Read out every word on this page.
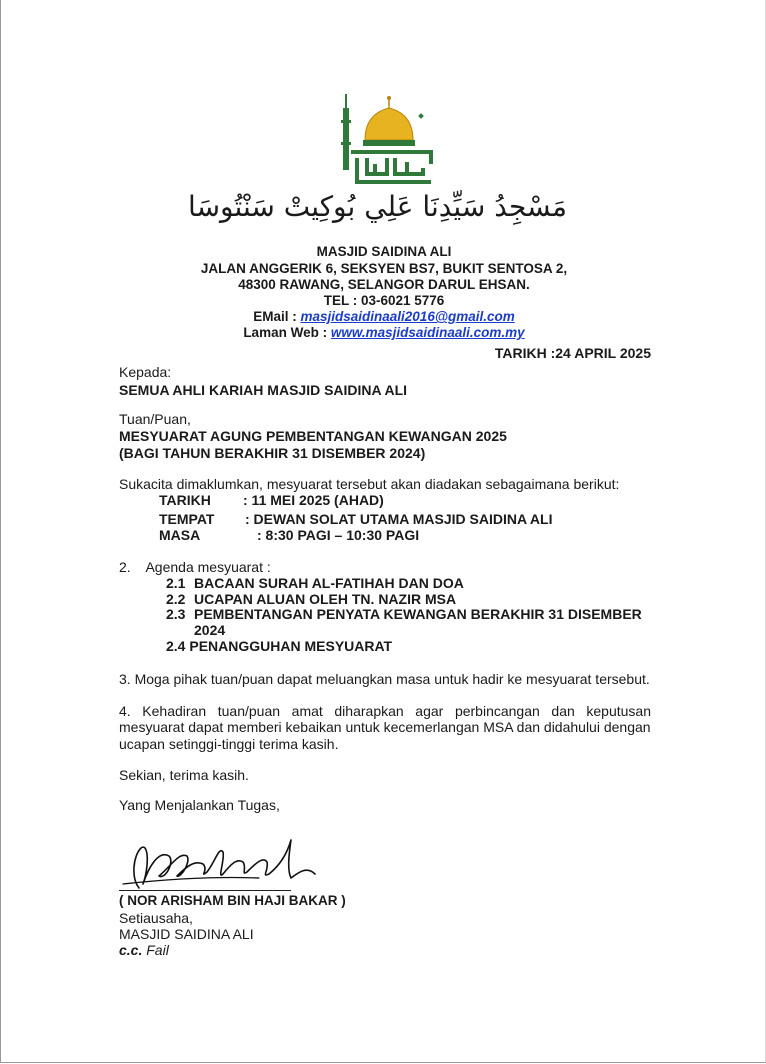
مَسْجِدُ سَيِّدِنَا عَلِي بُوكِيتْ سَنْتُوسَا
MASJID SAIDINA ALI
JALAN ANGGERIK 6, SEKSYEN BS7, BUKIT SENTOSA 2,
48300 RAWANG, SELANGOR DARUL EHSAN.
TEL : 03-6021 5776
EMail : masjidsaidinaali2016@gmail.com
Laman Web : www.masjidsaidinaali.com.my
TARIKH :24 APRIL 2025
Kepada:
SEMUA AHLI KARIAH MASJID SAIDINA ALI
Tuan/Puan,
MESYUARAT AGUNG PEMBENTANGAN KEWANGAN 2025
(BAGI TAHUN BERAKHIR 31 DISEMBER 2024)
Sukacita dimaklumkan, mesyuarat tersebut akan diadakan sebagaimana berikut:
TARIKH : 11 MEI 2025 (AHAD)
TEMPAT : DEWAN SOLAT UTAMA MASJID SAIDINA ALI
MASA	: 8:30 PAGI – 10:30 PAGI
2.    Agenda mesyuarat :
2.1 BACAAN SURAH AL-FATIHAH DAN DOA
2.2 UCAPAN ALUAN OLEH TN. NAZIR MSA
2.3 PEMBENTANGAN PENYATA KEWANGAN BERAKHIR 31 DISEMBER
2024
2.4 PENANGGUHAN MESYUARAT
3. Moga pihak tuan/puan dapat meluangkan masa untuk hadir ke mesyuarat tersebut.
4. Kehadiran tuan/puan amat diharapkan agar perbincangan dan keputusan
mesyuarat dapat memberi kebaikan untuk kecemerlangan MSA dan didahului dengan
ucapan setinggi-tinggi terima kasih.
Sekian, terima kasih.
Yang Menjalankan Tugas,
( NOR ARISHAM BIN HAJI BAKAR )
Setiausaha,
MASJID SAIDINA ALI
c.c. Fail
